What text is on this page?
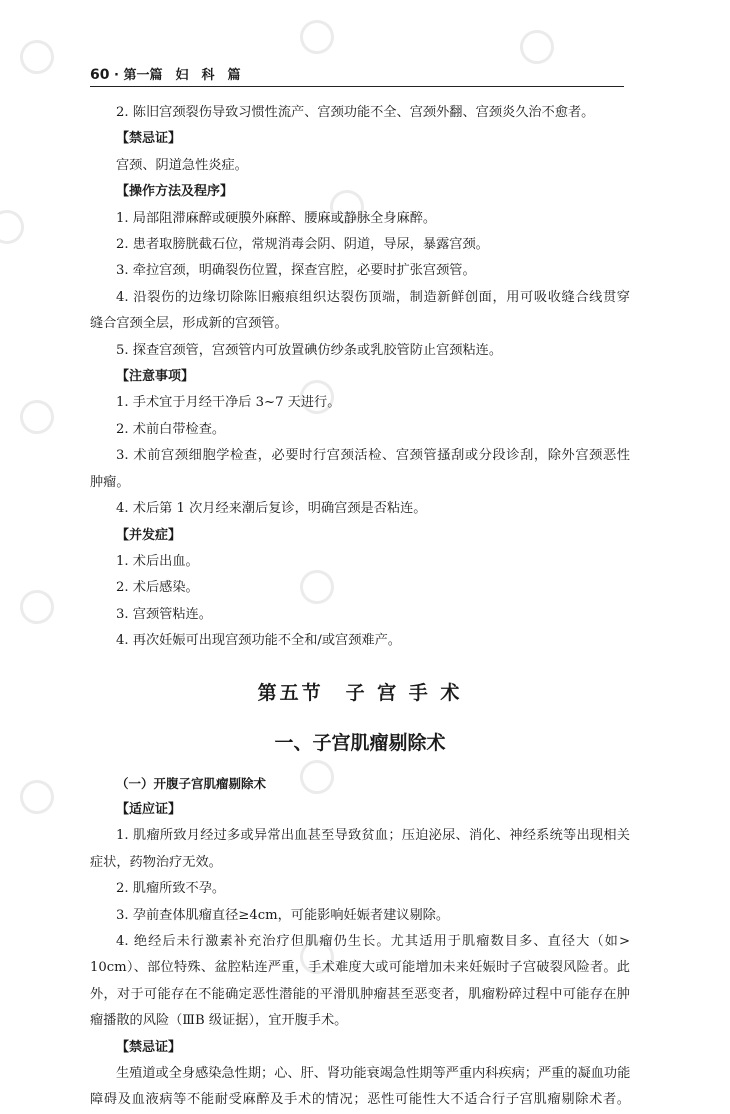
60 · 第一篇　妇　科　篇
2. 陈旧宫颈裂伤导致习惯性流产、宫颈功能不全、宫颈外翻、宫颈炎久治不愈者。
【禁忌证】
宫颈、阴道急性炎症。
【操作方法及程序】
1. 局部阻滞麻醉或硬膜外麻醉、腰麻或静脉全身麻醉。
2. 患者取膀胱截石位，常规消毒会阴、阴道，导尿，暴露宫颈。
3. 牵拉宫颈，明确裂伤位置，探查宫腔，必要时扩张宫颈管。
4. 沿裂伤的边缘切除陈旧瘢痕组织达裂伤顶端，制造新鲜创面，用可吸收缝合线贯穿
缝合宫颈全层，形成新的宫颈管。
5. 探查宫颈管，宫颈管内可放置碘仿纱条或乳胶管防止宫颈粘连。
【注意事项】
1. 手术宜于月经干净后 3~7 天进行。
2. 术前白带检查。
3. 术前宫颈细胞学检查，必要时行宫颈活检、宫颈管搔刮或分段诊刮，除外宫颈恶性
肿瘤。
4. 术后第 1 次月经来潮后复诊，明确宫颈是否粘连。
【并发症】
1. 术后出血。
2. 术后感染。
3. 宫颈管粘连。
4. 再次妊娠可出现宫颈功能不全和/或宫颈难产。
第五节　子 宫 手 术
一、子宫肌瘤剔除术
（一）开腹子宫肌瘤剔除术
【适应证】
1. 肌瘤所致月经过多或异常出血甚至导致贫血；压迫泌尿、消化、神经系统等出现相关
症状，药物治疗无效。
2. 肌瘤所致不孕。
3. 孕前查体肌瘤直径≥4cm，可能影响妊娠者建议剔除。
4. 绝经后未行激素补充治疗但肌瘤仍生长。尤其适用于肌瘤数目多、直径大（如>
10cm）、部位特殊、盆腔粘连严重，手术难度大或可能增加未来妊娠时子宫破裂风险者。此
外，对于可能存在不能确定恶性潜能的平滑肌肿瘤甚至恶变者，肌瘤粉碎过程中可能存在肿
瘤播散的风险（ⅢB 级证据），宜开腹手术。
【禁忌证】
生殖道或全身感染急性期；心、肝、肾功能衰竭急性期等严重内科疾病；严重的凝血功能
障碍及血液病等不能耐受麻醉及手术的情况；恶性可能性大不适合行子宫肌瘤剔除术者。
